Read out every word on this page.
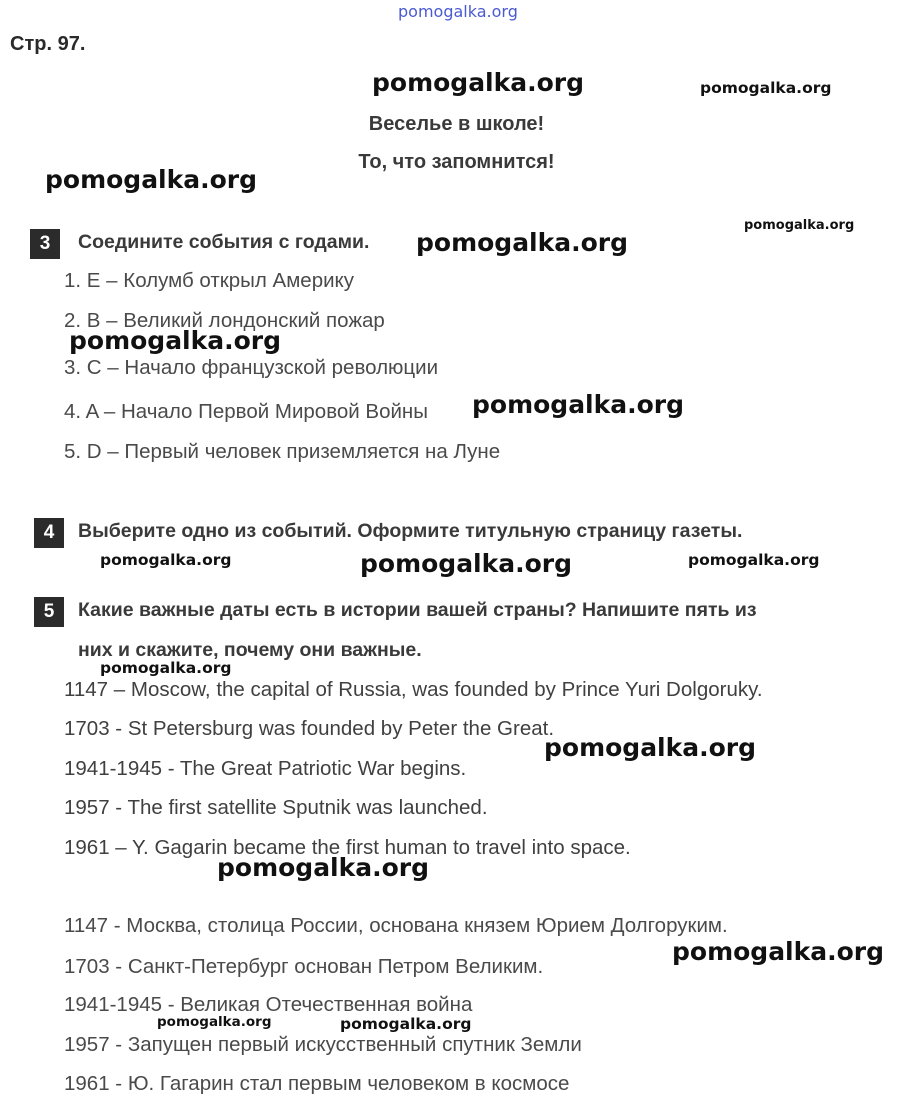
pomogalka.org
Стр. 97.
pomogalka.org	pomogalka.org
Веселье в школе!
То, что запомнится!
pomogalka.org
3	Соедините события с годами. pomogalka.org
pomogalka.org
1. E – Колумб открыл Америку
2. B – Великий лондонский пожар
pomogalka.org
3. C – Начало французской революции
4. A – Начало Первой Мировой Войны pomogalka.org
5. D – Первый человек приземляется на Луне
4	Выберите одно из событий. Оформите титульную страницу газеты.
pomogalka.org	pomogalka.org	pomogalka.org
5	Какие важные даты есть в истории вашей страны? Напишите пять из
них и скажите, почему они важные.
pomogalka.org
1147 – Moscow, the capital of Russia, was founded by Prince Yuri Dolgoruky.
1703 - St Petersburg was founded by Peter the Great.
pomogalka.org
1941-1945 - The Great Patriotic War begins.
1957 - The first satellite Sputnik was launched.
1961 – Y. Gagarin became the first human to travel into space.
pomogalka.org
1147 - Москва, столица России, основана князем Юрием Долгоруким.
pomogalka.org
1703 - Санкт-Петербург основан Петром Великим.
1941-1945 - Великая Отечественная война
pomogalka.org	pomogalka.org
1957 - Запущен первый искусственный спутник Земли
1961 - Ю. Гагарин стал первым человеком в космосе
